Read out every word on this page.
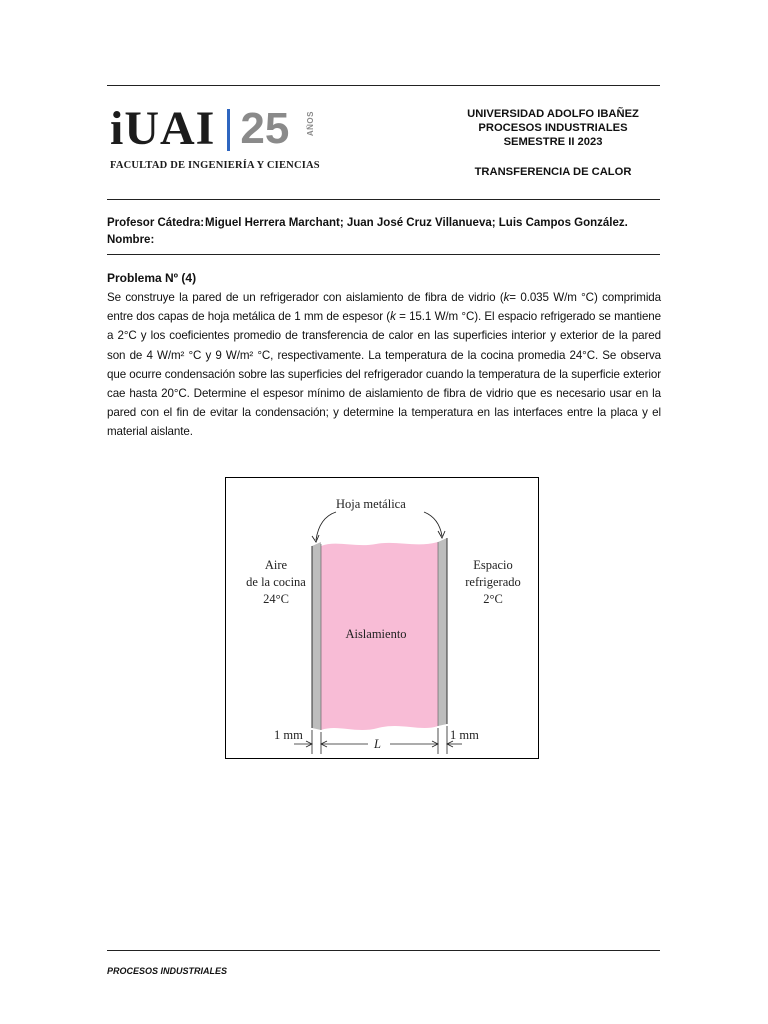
iUAI 25 AÑOS
FACULTAD DE INGENIERÍA Y CIENCIAS
UNIVERSIDAD ADOLFO IBAÑEZ
PROCESOS INDUSTRIALES
SEMESTRE II 2023
TRANSFERENCIA DE CALOR
Profesor Cátedra:Miguel Herrera Marchant; Juan José Cruz Villanueva; Luis Campos González.
Nombre:
Problema Nº (4)

Se construye la pared de un refrigerador con aislamiento de fibra de vidrio (k= 0.035 W/m °C) comprimida entre dos capas de hoja metálica de 1 mm de espesor (k = 15.1 W/m °C). El espacio refrigerado se mantiene a 2°C y los coeficientes promedio de transferencia de calor en las superficies interior y exterior de la pared son de 4 W/m² °C y 9 W/m² °C, respectivamente. La temperatura de la cocina promedia 24°C. Se observa que ocurre condensación sobre las superficies del refrigerador cuando la temperatura de la superficie exterior cae hasta 20°C. Determine el espesor mínimo de aislamiento de fibra de vidrio que es necesario usar en la pared con el fin de evitar la condensación; y determine la temperatura en las interfaces entre la placa y el material aislante.

Hoja metálica
Aire
de la cocina
24°C
Espacio
refrigerado
2°C
Aislamiento
1 mm	1 mm
L
PROCESOS INDUSTRIALES
